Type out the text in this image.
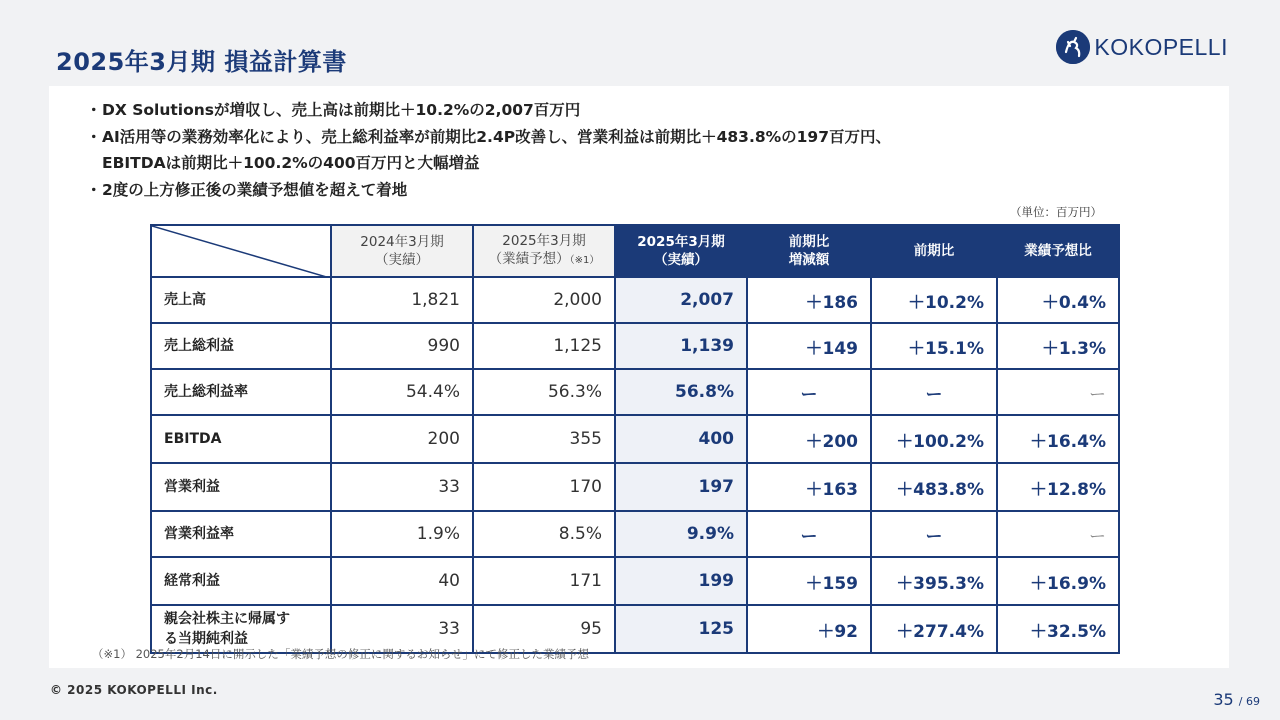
2025年3月期 損益計算書
KOKOPELLI
・DX Solutionsが増収し、売上高は前期比＋10.2%の2,007百万円
・AI活用等の業務効率化により、売上総利益率が前期比2.4P改善し、営業利益は前期比＋483.8%の197百万円、
EBITDAは前期比＋100.2%の400百万円と大幅増益
・2度の上方修正後の業績予想値を超えて着地
（単位：百万円）
	2024年3月期
（実績）	2025年3月期
（業績予想）（※1）	2025年3月期
（実績）	前期比
増減額	前期比	業績予想比
売上高	1,821	2,000	2,007	＋186	＋10.2%	＋0.4%
売上総利益	990	1,125	1,139	＋149	＋15.1%	＋1.3%
売上総利益率	54.4%	56.3%	56.8%	ー	ー	ー
EBITDA	200	355	400	＋200	＋100.2%	＋16.4%
営業利益	33	170	197	＋163	＋483.8%	＋12.8%
営業利益率	1.9%	8.5%	9.9%	ー	ー	ー
経常利益	40	171	199	＋159	＋395.3%	＋16.9%
親会社株主に帰属す
る当期純利益	33	95	125	＋92	＋277.4%	＋32.5%
（※1） 2025年2月14日に開示した「業績予想の修正に関するお知らせ」にて修正した業績予想
© 2025 KOKOPELLI Inc.	35 / 69
